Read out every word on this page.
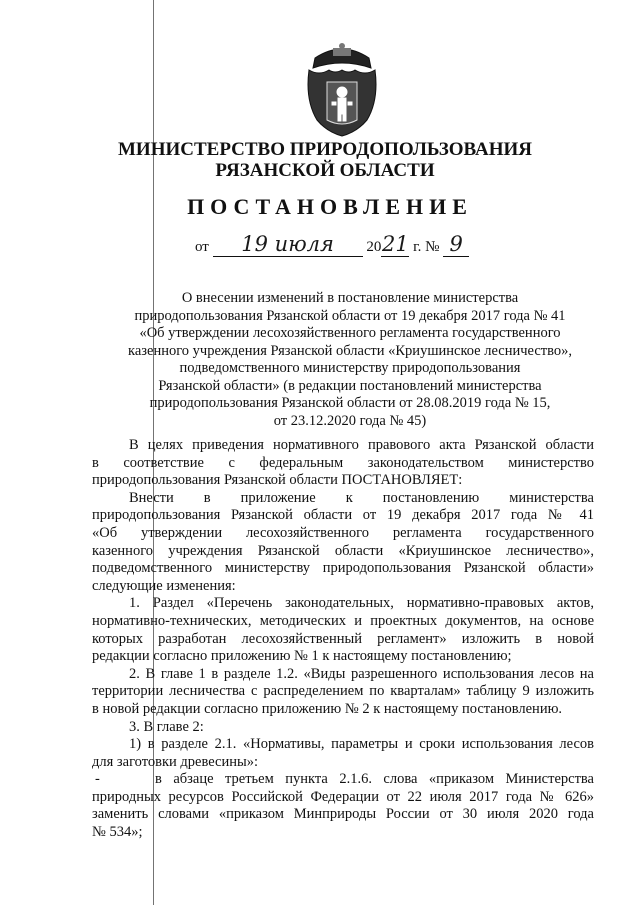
МИНИСТЕРСТВО ПРИРОДОПОЛЬЗОВАНИЯ
РЯЗАНСКОЙ ОБЛАСТИ
ПОСТАНОВЛЕНИЕ
от 19 июля 2021 г. № 9
О внесении изменений в постановление министерства
природопользования Рязанской области от 19 декабря 2017 года № 41
«Об утверждении лесохозяйственного регламента государственного
казенного учреждения Рязанской области «Криушинское лесничество»,
подведомственного министерству природопользования
Рязанской области» (в редакции постановлений министерства
природопользования Рязанской области от 28.08.2019 года № 15,
от 23.12.2020 года № 45)
В целях приведения нормативного правового акта Рязанской области
в соответствие с федеральным законодательством министерство
природопользования Рязанской области ПОСТАНОВЛЯЕТ:
Внести в приложение к постановлению министерства
природопользования Рязанской области от 19 декабря 2017 года № 41
«Об утверждении лесохозяйственного регламента государственного
казенного учреждения Рязанской области «Криушинское лесничество»,
подведомственного министерству природопользования Рязанской области»
следующие изменения:
1. Раздел «Перечень законодательных, нормативно-правовых актов,
нормативно-технических, методических и проектных документов, на основе
которых разработан лесохозяйственный регламент» изложить в новой
редакции согласно приложению № 1 к настоящему постановлению;
2. В главе 1 в разделе 1.2. «Виды разрешенного использования лесов на
территории лесничества с распределением по кварталам» таблицу 9 изложить
в новой редакции согласно приложению № 2 к настоящему постановлению.
3. В главе 2:
1) в разделе 2.1. «Нормативы, параметры и сроки использования лесов
для заготовки древесины»:
-	в абзаце третьем пункта 2.1.6. слова «приказом Министерства
природных ресурсов Российской Федерации от 22 июля 2017 года № 626»
заменить словами «приказом Минприроды России от 30 июля 2020 года
№ 534»;
